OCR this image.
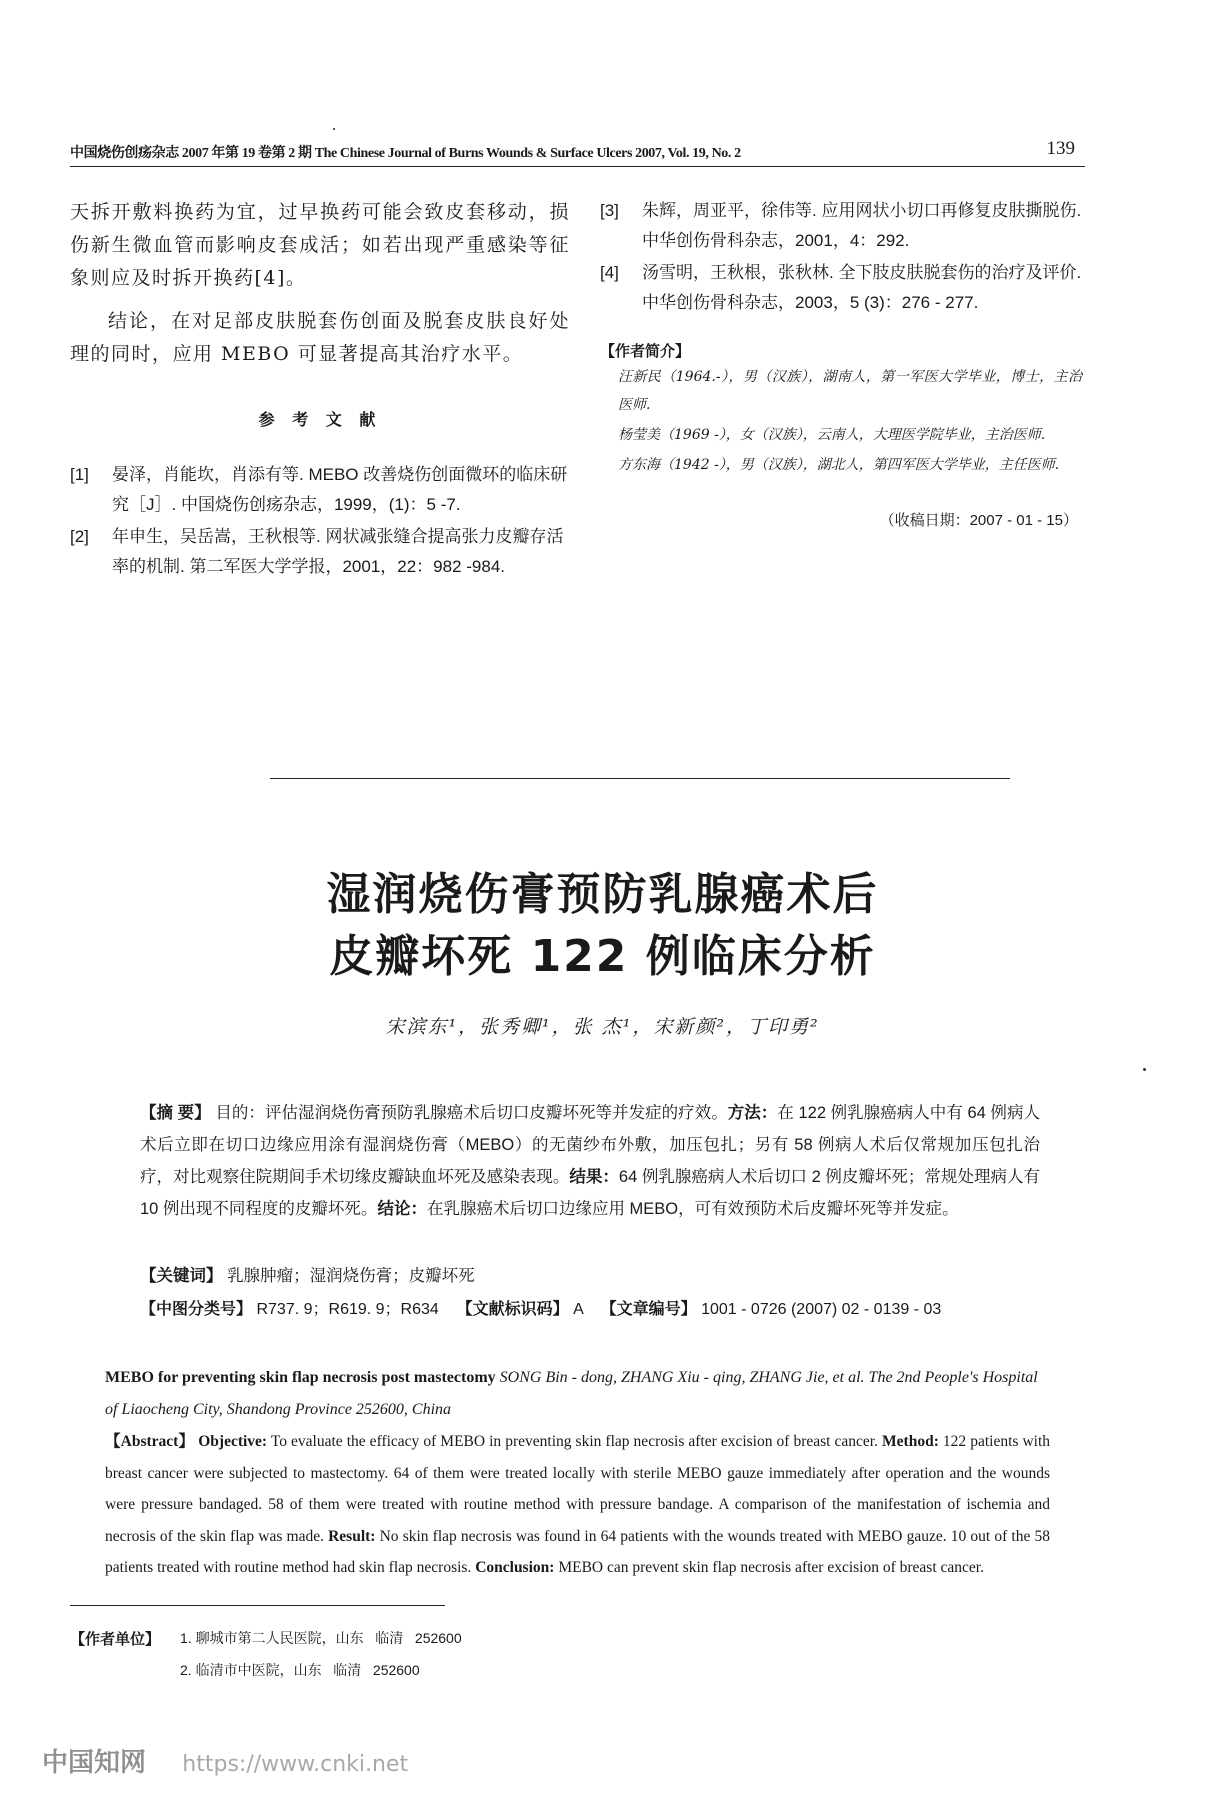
中国烧伤创疡杂志 2007 年第 19 卷第 2 期 The Chinese Journal of Burns Wounds & Surface Ulcers 2007, Vol. 19, No. 2	139

天拆开敷料换药为宜，过早换药可能会致皮套移动，损伤新生微血管而影响皮套成活；如若出现严重感染等征象则应及时拆开换药[4]。

结论，在对足部皮肤脱套伤创面及脱套皮肤良好处理的同时，应用 MEBO 可显著提高其治疗水平。

参 考 文 献
[1] 晏泽，肖能坎，肖添有等. MEBO 改善烧伤创面微环的临床研究［J］. 中国烧伤创疡杂志，1999，(1)：5 -7.
[2] 年申生，吴岳嵩，王秋根等. 网状减张缝合提高张力皮瓣存活率的机制. 第二军医大学学报，2001，22：982 -984.
[3] 朱辉，周亚平，徐伟等. 应用网状小切口再修复皮肤撕脱伤. 中华创伤骨科杂志，2001，4：292.
[4] 汤雪明，王秋根，张秋林. 全下肢皮肤脱套伤的治疗及评价. 中华创伤骨科杂志，2003，5 (3)：276 - 277.
【作者简介】
汪新民（1964.-），男（汉族），湖南人，第一军医大学毕业，博士，主治医师.
杨莹美（1969 -），女（汉族），云南人，大理医学院毕业，主治医师.
方东海（1942 -），男（汉族），湖北人，第四军医大学毕业，主任医师.
（收稿日期：2007 - 01 - 15）
湿润烧伤膏预防乳腺癌术后
皮瓣坏死 122 例临床分析
宋滨东¹，张秀卿¹，张 杰¹，宋新颜²，丁印勇²
【摘 要】 目的：评估湿润烧伤膏预防乳腺癌术后切口皮瓣坏死等并发症的疗效。方法：在 122 例乳腺癌病人中有 64 例病人术后立即在切口边缘应用涂有湿润烧伤膏（MEBO）的无菌纱布外敷，加压包扎；另有 58 例病人术后仅常规加压包扎治疗，对比观察住院期间手术切缘皮瓣缺血坏死及感染表现。结果：64 例乳腺癌病人术后切口 2 例皮瓣坏死；常规处理病人有 10 例出现不同程度的皮瓣坏死。结论：在乳腺癌术后切口边缘应用 MEBO，可有效预防术后皮瓣坏死等并发症。
【关键词】 乳腺肿瘤；湿润烧伤膏；皮瓣坏死
【中图分类号】 R737. 9；R619. 9；R634 【文献标识码】 A 【文章编号】 1001 - 0726 (2007) 02 - 0139 - 03
MEBO for preventing skin flap necrosis post mastectomy SONG Bin - dong, ZHANG Xiu - qing, ZHANG Jie, et al. The 2nd People's Hospital of Liaocheng City, Shandong Province 252600, China
【Abstract】 Objective: To evaluate the efficacy of MEBO in preventing skin flap necrosis after excision of breast cancer. Method: 122 patients with breast cancer were subjected to mastectomy. 64 of them were treated locally with sterile MEBO gauze immediately after operation and the wounds were pressure bandaged. 58 of them were treated with routine method with pressure bandage. A comparison of the manifestation of ischemia and necrosis of the skin flap was made. Result: No skin flap necrosis was found in 64 patients with the wounds treated with MEBO gauze. 10 out of the 58 patients treated with routine method had skin flap necrosis. Conclusion: MEBO can prevent skin flap necrosis after excision of breast cancer.
【作者单位】 1. 聊城市第二人民医院，山东   临清   252600
2. 临清市中医院，山东   临清   252600
中国知网 https://www.cnki.net
